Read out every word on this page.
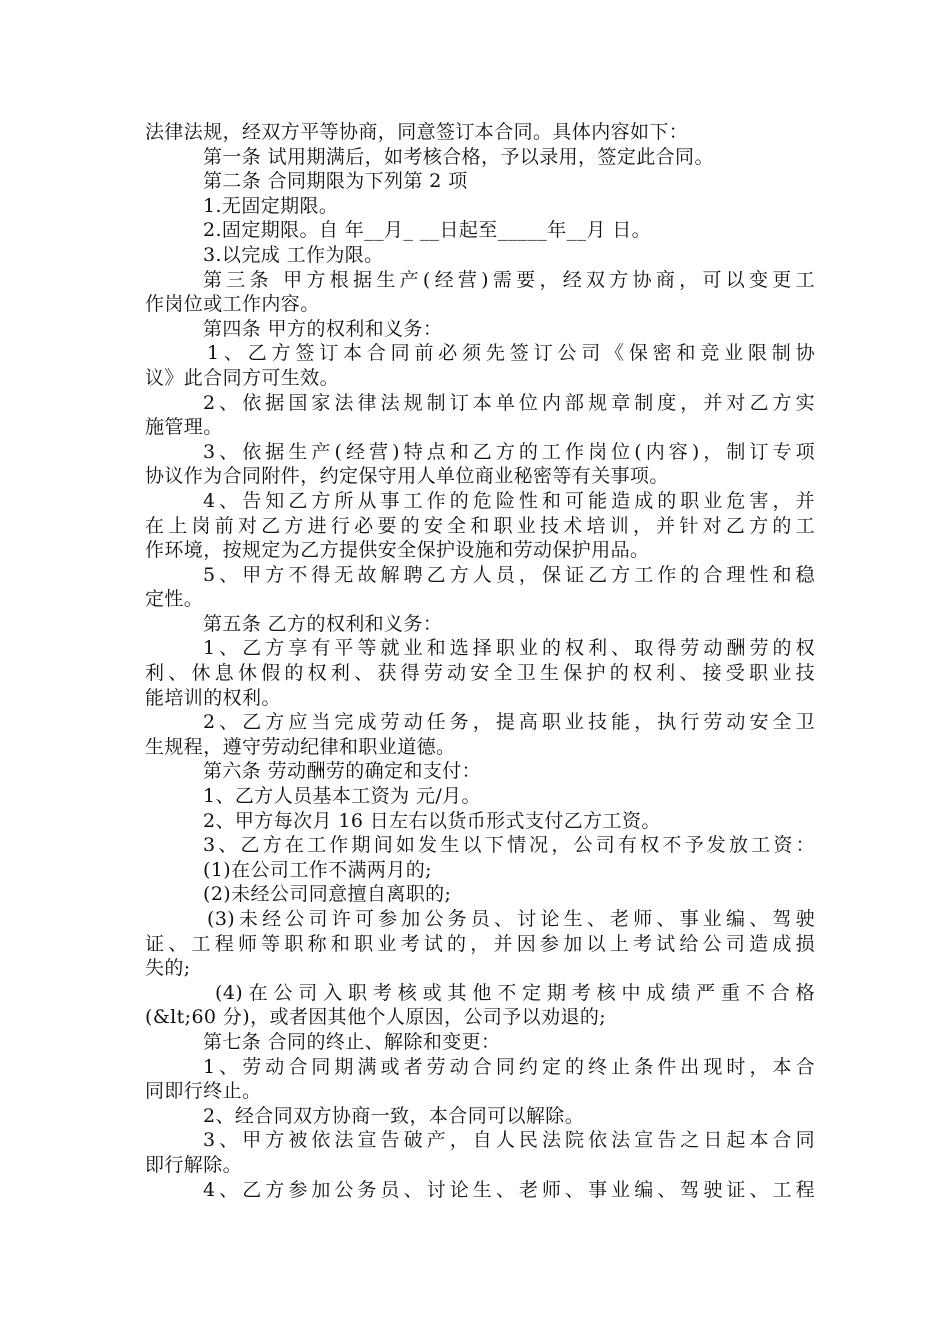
法律法规，经双方平等协商，同意签订本合同。具体内容如下：
第一条 试用期满后，如考核合格，予以录用，签定此合同。
第二条 合同期限为下列第 2 项
1.无固定期限。
2.固定期限。自 年__月_ __日起至_____年__月 日。
3.以完成 工作为限。
第三条 甲方根据生产(经营)需要，经双方协商，可以变更工
作岗位或工作内容。
第四条 甲方的权利和义务：
1、乙方签订本合同前必须先签订公司《保密和竞业限制协
议》此合同方可生效。
2、依据国家法律法规制订本单位内部规章制度，并对乙方实
施管理。
3、依据生产(经营)特点和乙方的工作岗位(内容)，制订专项
协议作为合同附件，约定保守用人单位商业秘密等有关事项。
4、告知乙方所从事工作的危险性和可能造成的职业危害，并
在上岗前对乙方进行必要的安全和职业技术培训，并针对乙方的工
作环境，按规定为乙方提供安全保护设施和劳动保护用品。
5、甲方不得无故解聘乙方人员，保证乙方工作的合理性和稳
定性。
第五条 乙方的权利和义务：
1、乙方享有平等就业和选择职业的权利、取得劳动酬劳的权
利、休息休假的权利、获得劳动安全卫生保护的权利、接受职业技
能培训的权利。
2、乙方应当完成劳动任务，提高职业技能，执行劳动安全卫
生规程，遵守劳动纪律和职业道德。
第六条 劳动酬劳的确定和支付：
1、乙方人员基本工资为 元/月。
2、甲方每次月 16 日左右以货币形式支付乙方工资。
3、乙方在工作期间如发生以下情况，公司有权不予发放工资：
(1)在公司工作不满两月的;
(2)未经公司同意擅自离职的;
(3)未经公司许可参加公务员、讨论生、老师、事业编、驾驶
证、工程师等职称和职业考试的，并因参加以上考试给公司造成损
失的;
(4)在公司入职考核或其他不定期考核中成绩严重不合格
(&lt;60 分)，或者因其他个人原因，公司予以劝退的;
第七条 合同的终止、解除和变更：
1、劳动合同期满或者劳动合同约定的终止条件出现时，本合
同即行终止。
2、经合同双方协商一致，本合同可以解除。
3、甲方被依法宣告破产，自人民法院依法宣告之日起本合同
即行解除。
4、乙方参加公务员、讨论生、老师、事业编、驾驶证、工程
